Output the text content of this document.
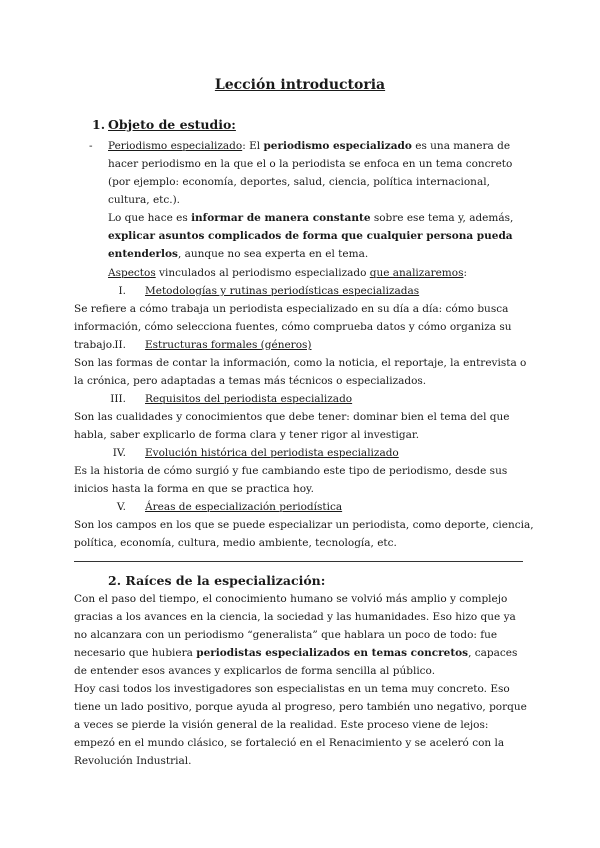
Lección introductoria
1. Objeto de estudio:
- Periodismo especializado: El periodismo especializado es una manera de hacer periodismo en la que el o la periodista se enfoca en un tema concreto (por ejemplo: economía, deportes, salud, ciencia, política internacional, cultura, etc.).

Lo que hace es informar de manera constante sobre ese tema y, además, explicar asuntos complicados de forma que cualquier persona pueda entenderlos, aunque no sea experta en el tema.

Aspectos vinculados al periodismo especializado que analizaremos:
I. Metodologías y rutinas periodísticas especializadas
Se refiere a cómo trabaja un periodista especializado en su día a día: cómo busca información, cómo selecciona fuentes, cómo comprueba datos y cómo organiza su trabajo. II. Estructuras formales (géneros)
Son las formas de contar la información, como la noticia, el reportaje, la entrevista o la crónica, pero adaptadas a temas más técnicos o especializados.
III. Requisitos del periodista especializado
Son las cualidades y conocimientos que debe tener: dominar bien el tema del que habla, saber explicarlo de forma clara y tener rigor al investigar.
IV. Evolución histórica del periodista especializado
Es la historia de cómo surgió y fue cambiando este tipo de periodismo, desde sus inicios hasta la forma en que se practica hoy.
V. Áreas de especialización periodística
Son los campos en los que se puede especializar un periodista, como deporte, ciencia, política, economía, cultura, medio ambiente, tecnología, etc.
2. Raíces de la especialización:

Con el paso del tiempo, el conocimiento humano se volvió más amplio y complejo gracias a los avances en la ciencia, la sociedad y las humanidades. Eso hizo que ya no alcanzara con un periodismo “generalista” que hablara un poco de todo: fue necesario que hubiera periodistas especializados en temas concretos, capaces de entender esos avances y explicarlos de forma sencilla al público.

Hoy casi todos los investigadores son especialistas en un tema muy concreto. Eso tiene un lado positivo, porque ayuda al progreso, pero también uno negativo, porque a veces se pierde la visión general de la realidad. Este proceso viene de lejos: empezó en el mundo clásico, se fortaleció en el Renacimiento y se aceleró con la Revolución Industrial.
